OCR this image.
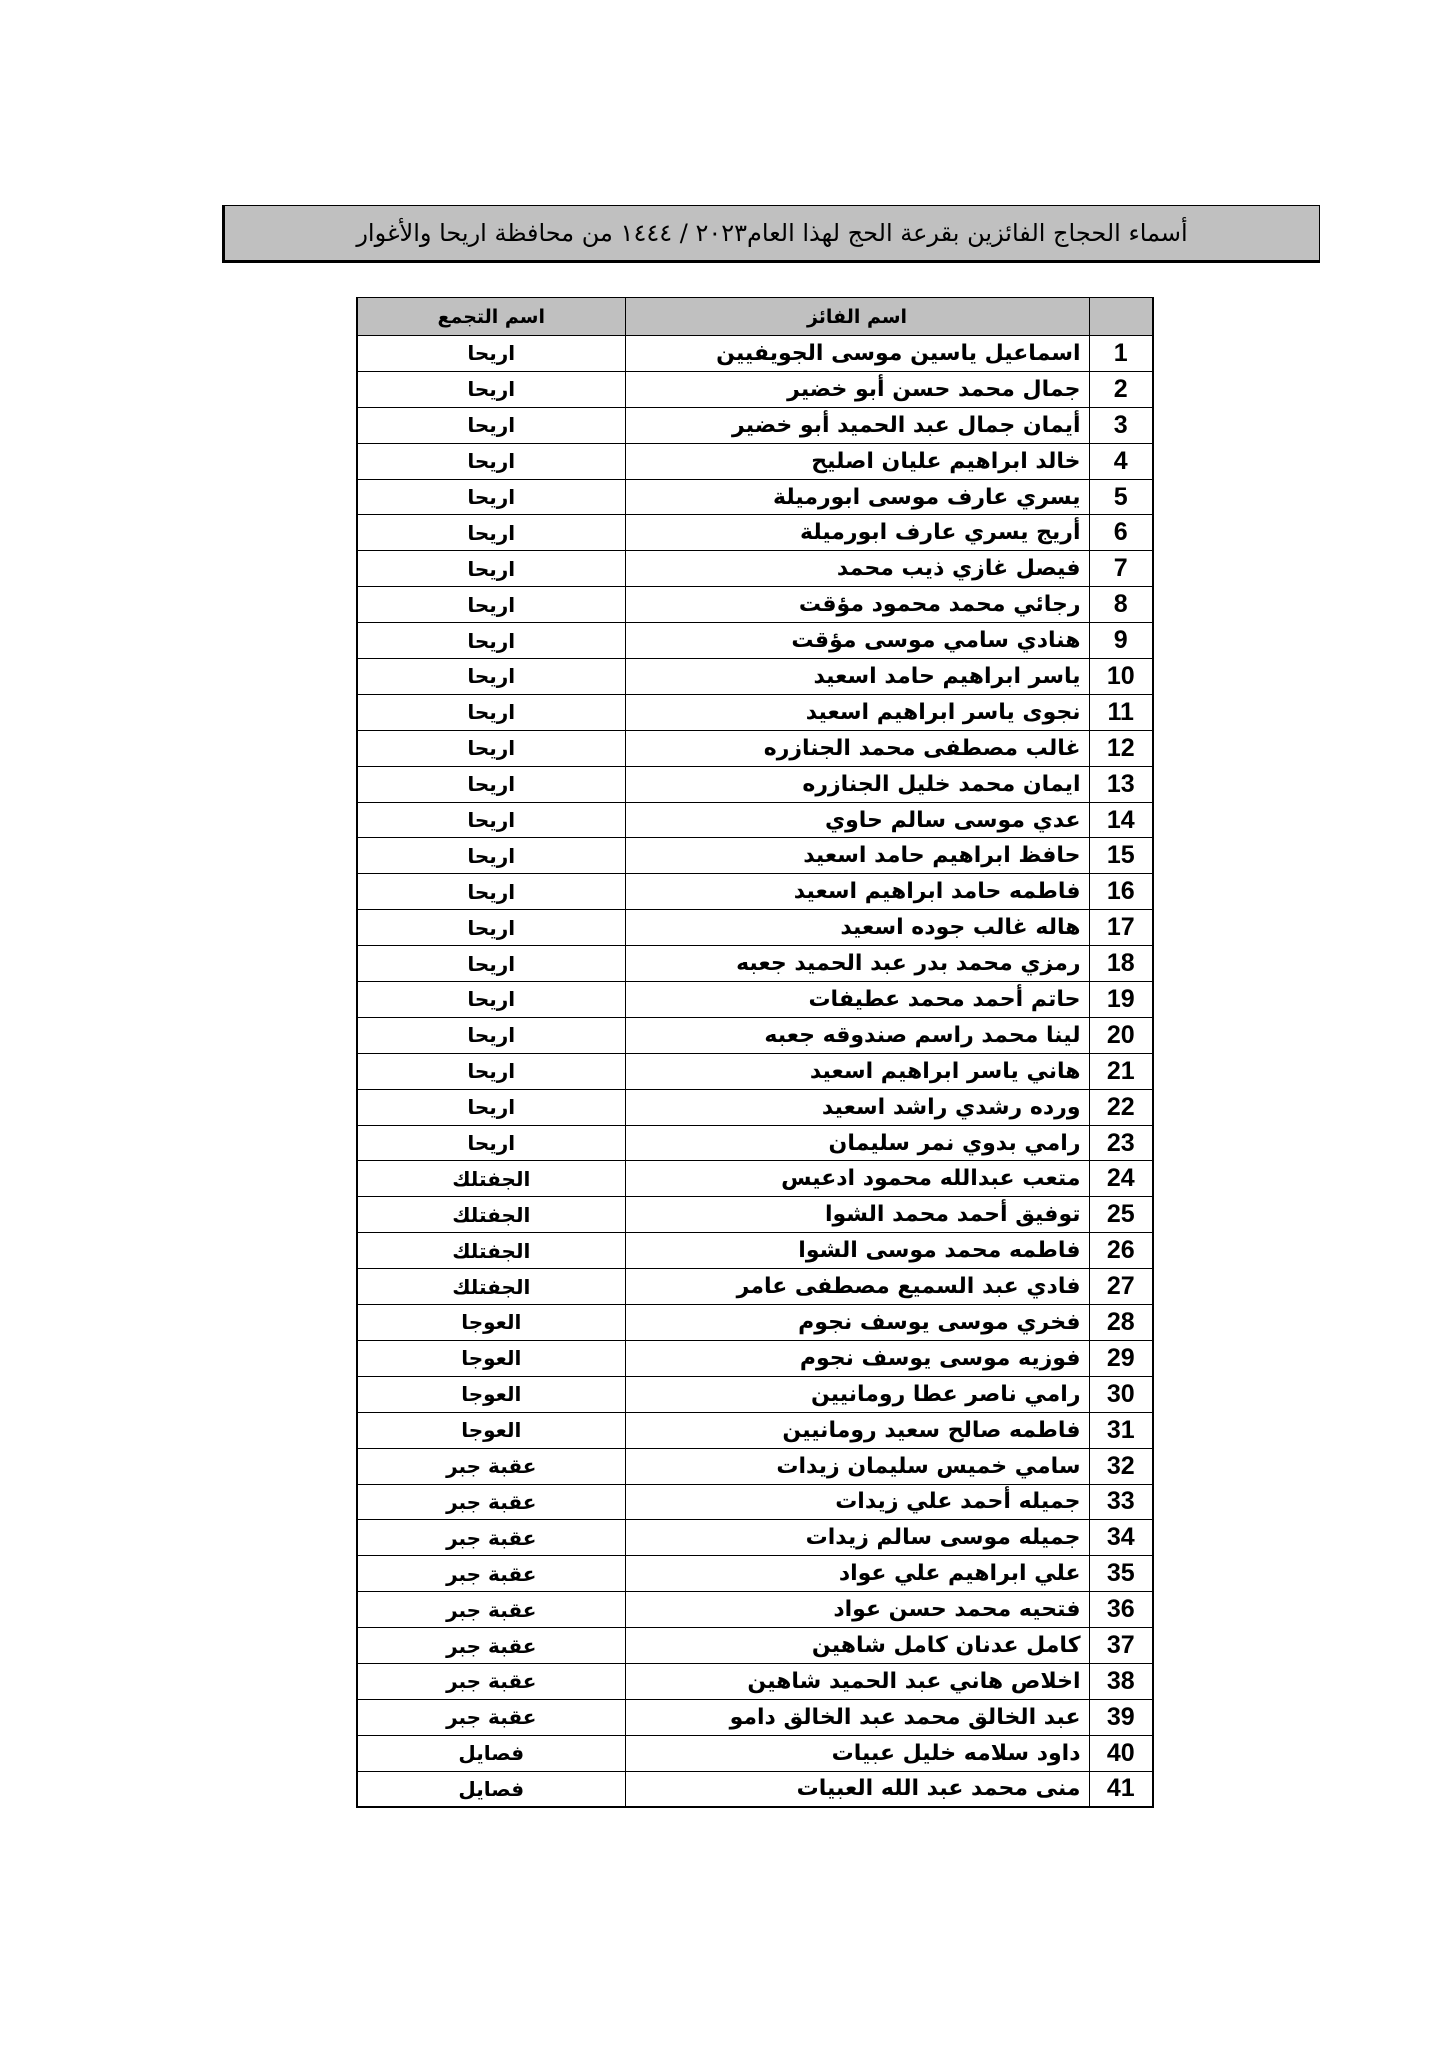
أسماء الحجاج الفائزين بقرعة الحج لهذا العام٢٠٢٣ / ١٤٤٤ من محافظة اريحا والأغوار
	اسم الفائز	اسم التجمع
1	اسماعيل ياسين موسى الجويفيين	اريحا
2	جمال محمد حسن أبو خضير	اريحا
3	أيمان جمال عبد الحميد أبو خضير	اريحا
4	خالد ابراهيم عليان اصليح	اريحا
5	يسري عارف موسى ابورميلة	اريحا
6	أريج يسري عارف ابورميلة	اريحا
7	فيصل غازي ذيب محمد	اريحا
8	رجائي محمد محمود مؤقت	اريحا
9	هنادي سامي موسى مؤقت	اريحا
10	ياسر ابراهيم حامد اسعيد	اريحا
11	نجوى ياسر ابراهيم اسعيد	اريحا
12	غالب مصطفى محمد الجنازره	اريحا
13	ايمان محمد خليل الجنازره	اريحا
14	عدي موسى سالم حاوي	اريحا
15	حافظ ابراهيم حامد اسعيد	اريحا
16	فاطمه حامد ابراهيم اسعيد	اريحا
17	هاله غالب جوده اسعيد	اريحا
18	رمزي محمد بدر عبد الحميد جعبه	اريحا
19	حاتم أحمد محمد عطيفات	اريحا
20	لينا محمد راسم صندوقه جعبه	اريحا
21	هاني ياسر ابراهيم اسعيد	اريحا
22	ورده رشدي راشد اسعيد	اريحا
23	رامي بدوي نمر سليمان	اريحا
24	متعب عبدالله محمود ادعيس	الجفتلك
25	توفيق أحمد محمد الشوا	الجفتلك
26	فاطمه محمد موسى الشوا	الجفتلك
27	فادي عبد السميع مصطفى عامر	الجفتلك
28	فخري موسى يوسف نجوم	العوجا
29	فوزيه موسى يوسف نجوم	العوجا
30	رامي ناصر عطا رومانيين	العوجا
31	فاطمه صالح سعيد رومانيين	العوجا
32	سامي خميس سليمان زيدات	عقبة جبر
33	جميله أحمد علي زيدات	عقبة جبر
34	جميله موسى سالم زيدات	عقبة جبر
35	علي ابراهيم علي عواد	عقبة جبر
36	فتحيه محمد حسن عواد	عقبة جبر
37	كامل عدنان كامل شاهين	عقبة جبر
38	اخلاص هاني عبد الحميد شاهين	عقبة جبر
39	عبد الخالق محمد عبد الخالق دامو	عقبة جبر
40	داود سلامه خليل عبيات	فصايل
41	منى محمد عبد الله العبيات	فصايل
